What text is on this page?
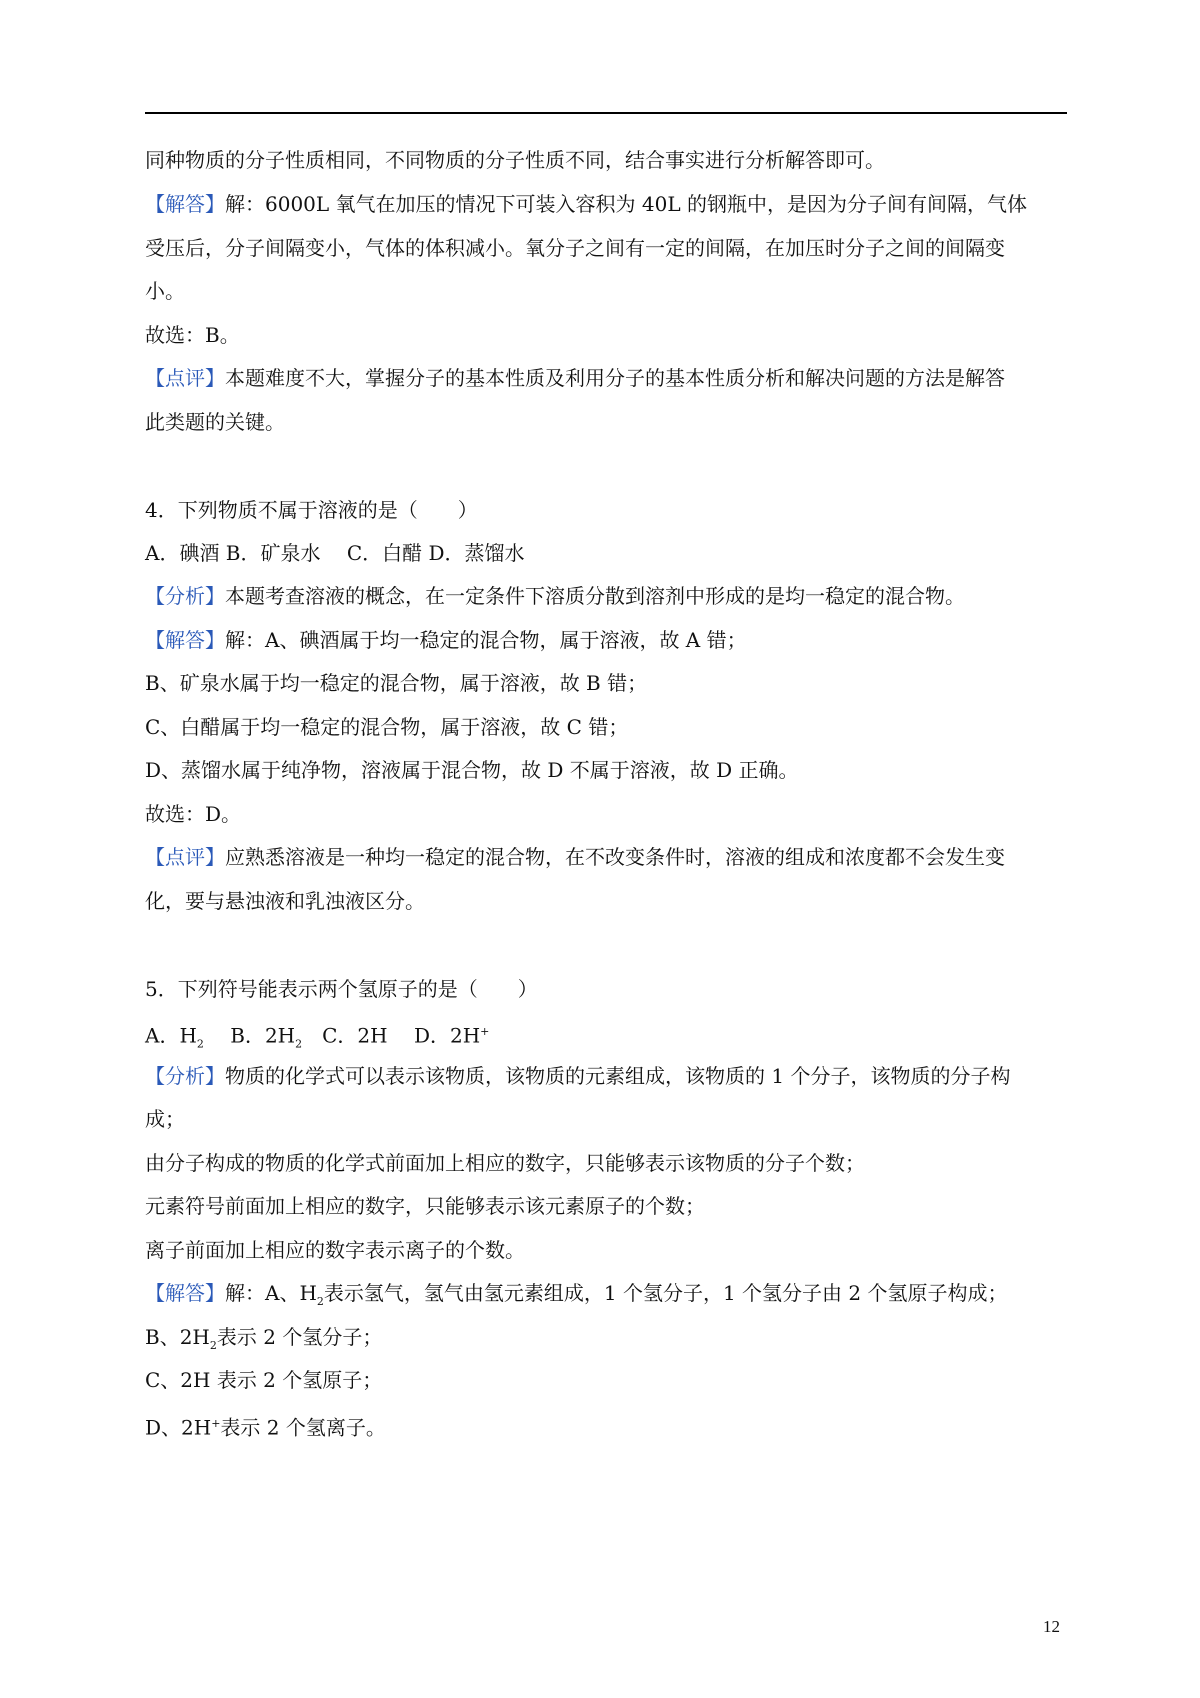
同种物质的分子性质相同，不同物质的分子性质不同，结合事实进行分析解答即可。
【解答】解：6000L 氧气在加压的情况下可装入容积为 40L 的钢瓶中，是因为分子间有间隔，气体
受压后，分子间隔变小，气体的体积减小。氧分子之间有一定的间隔，在加压时分子之间的间隔变
小。
故选：B。
【点评】本题难度不大，掌握分子的基本性质及利用分子的基本性质分析和解决问题的方法是解答
此类题的关键。
4．下列物质不属于溶液的是（　　）
A．碘酒 B．矿泉水　 C．白醋 D．蒸馏水
【分析】本题考查溶液的概念，在一定条件下溶质分散到溶剂中形成的是均一稳定的混合物。
【解答】解：A、碘酒属于均一稳定的混合物，属于溶液，故 A 错；
B、矿泉水属于均一稳定的混合物，属于溶液，故 B 错；
C、白醋属于均一稳定的混合物，属于溶液，故 C 错；
D、蒸馏水属于纯净物，溶液属于混合物，故 D 不属于溶液，故 D 正确。
故选：D。
【点评】应熟悉溶液是一种均一稳定的混合物，在不改变条件时，溶液的组成和浓度都不会发生变
化，要与悬浊液和乳浊液区分。
5．下列符号能表示两个氢原子的是（　　）
A．$H_2$　 B．$2H_2$　C．2H　 D．2H+
【分析】物质的化学式可以表示该物质，该物质的元素组成，该物质的 1 个分子，该物质的分子构
成；
由分子构成的物质的化学式前面加上相应的数字，只能够表示该物质的分子个数；
元素符号前面加上相应的数字，只能够表示该元素原子的个数；
离子前面加上相应的数字表示离子的个数。
【解答】解：A、$H_2$表示氢气，氢气由氢元素组成，1 个氢分子，1 个氢分子由 2 个氢原子构成；
B、$2H_2$表示 2 个氢分子；
C、2H 表示 2 个氢原子；
D、2H+表示 2 个氢离子。
12
